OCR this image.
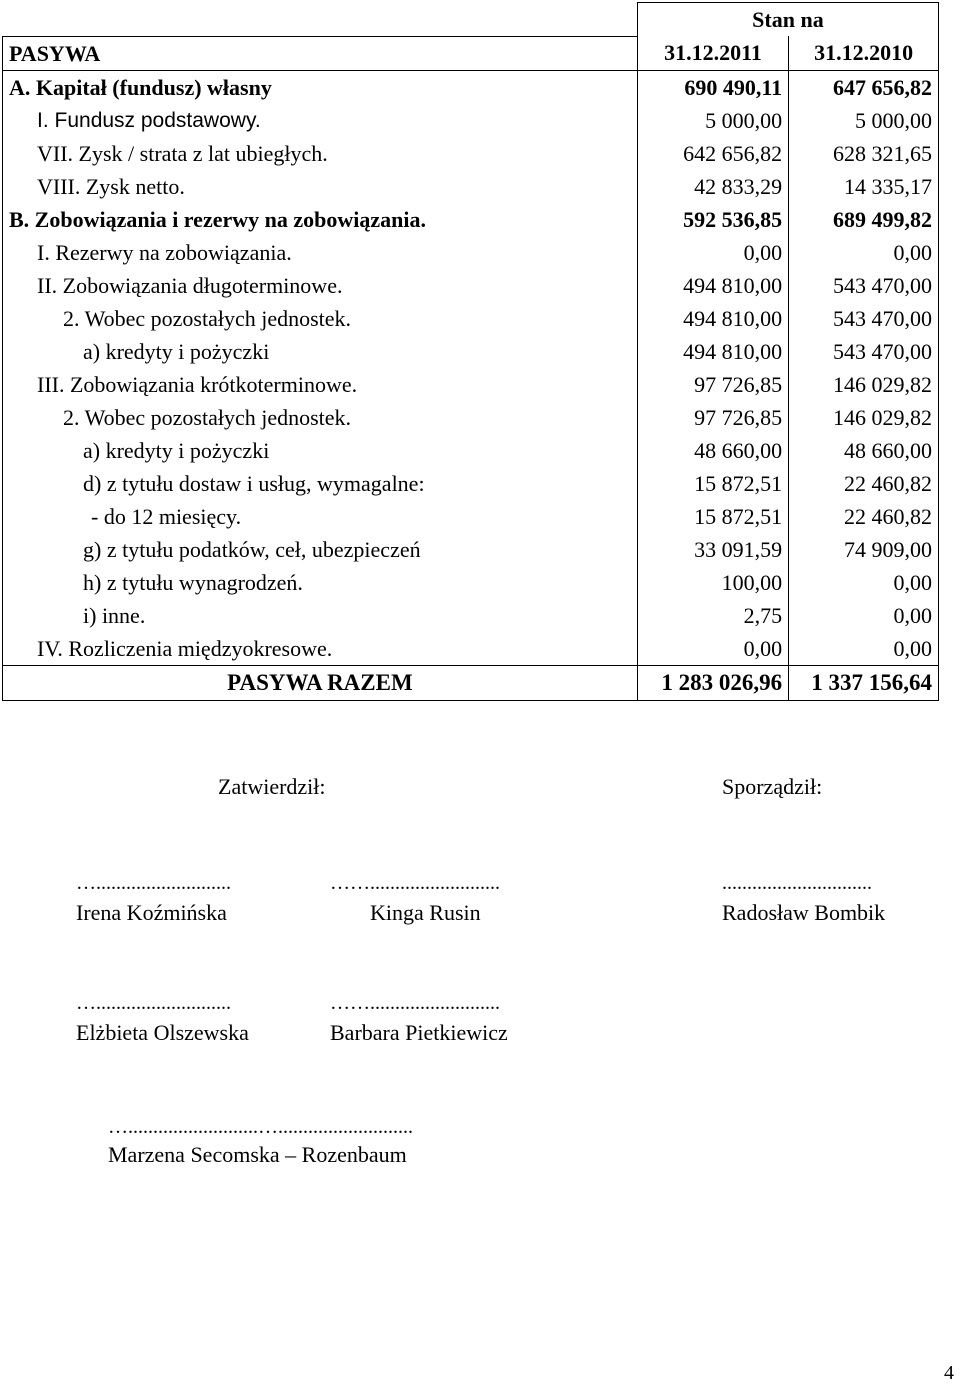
	Stan na	
PASYWA	31.12.2011	31.12.2010
A. Kapitał (fundusz) własny	690 490,11	647 656,82
I. Fundusz podstawowy.	5 000,00	5 000,00
VII. Zysk / strata z lat ubiegłych.	642 656,82	628 321,65
VIII. Zysk netto.	42 833,29	14 335,17
B. Zobowiązania i rezerwy na zobowiązania.	592 536,85	689 499,82
I. Rezerwy na zobowiązania.	0,00	0,00
II. Zobowiązania długoterminowe.	494 810,00	543 470,00
2. Wobec pozostałych jednostek.	494 810,00	543 470,00
a) kredyty i pożyczki	494 810,00	543 470,00
III. Zobowiązania krótkoterminowe.	97 726,85	146 029,82
2. Wobec pozostałych jednostek.	97 726,85	146 029,82
a) kredyty i pożyczki	48 660,00	48 660,00
d) z tytułu dostaw i usług, wymagalne:	15 872,51	22 460,82
- do 12 miesięcy.	15 872,51	22 460,82
g) z tytułu podatków, ceł, ubezpieczeń	33 091,59	74 909,00
h) z tytułu wynagrodzeń.	100,00	0,00
i) inne.	2,75	0,00
IV. Rozliczenia międzyokresowe.	0,00	0,00
PASYWA RAZEM	1 283 026,96	1 337 156,64
Zatwierdził:	Sporządził:
…...........................	……..........................	..............................
Irena Koźmińska	Kinga Rusin	Radosław Bombik
…...........................	……..........................
Elżbieta Olszewska	Barbara Pietkiewicz
…..........................…...........................
Marzena Secomska – Rozenbaum
4
